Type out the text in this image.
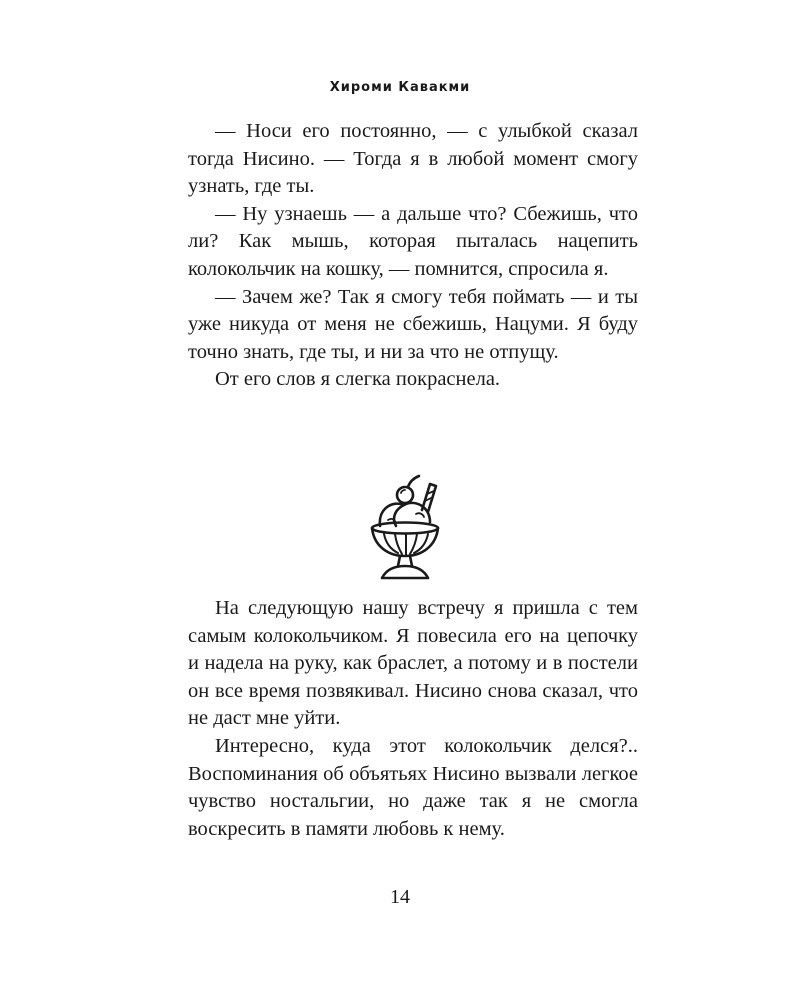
Хироми Кавакми

— Носи его постоянно, — с улыбкой сказал тогда Нисино. — Тогда я в любой момент смогу узнать, где ты.

— Ну узнаешь — а дальше что? Сбежишь, что ли? Как мышь, которая пыталась нацепить колокольчик на кошку, — помнится, спросила я.

— Зачем же? Так я смогу тебя поймать — и ты уже никуда от меня не сбежишь, Нацуми. Я буду точно знать, где ты, и ни за что не отпущу.

От его слов я слегка покраснела.

На следующую нашу встречу я пришла с тем самым колокольчиком. Я повесила его на цепочку и надела на руку, как браслет, а потому и в постели он все время позвякивал. Нисино снова сказал, что не даст мне уйти.

Интересно, куда этот колокольчик делся?.. Воспоминания об объятьях Нисино вызвали легкое чувство ностальгии, но даже так я не смогла воскресить в памяти любовь к нему.

14
